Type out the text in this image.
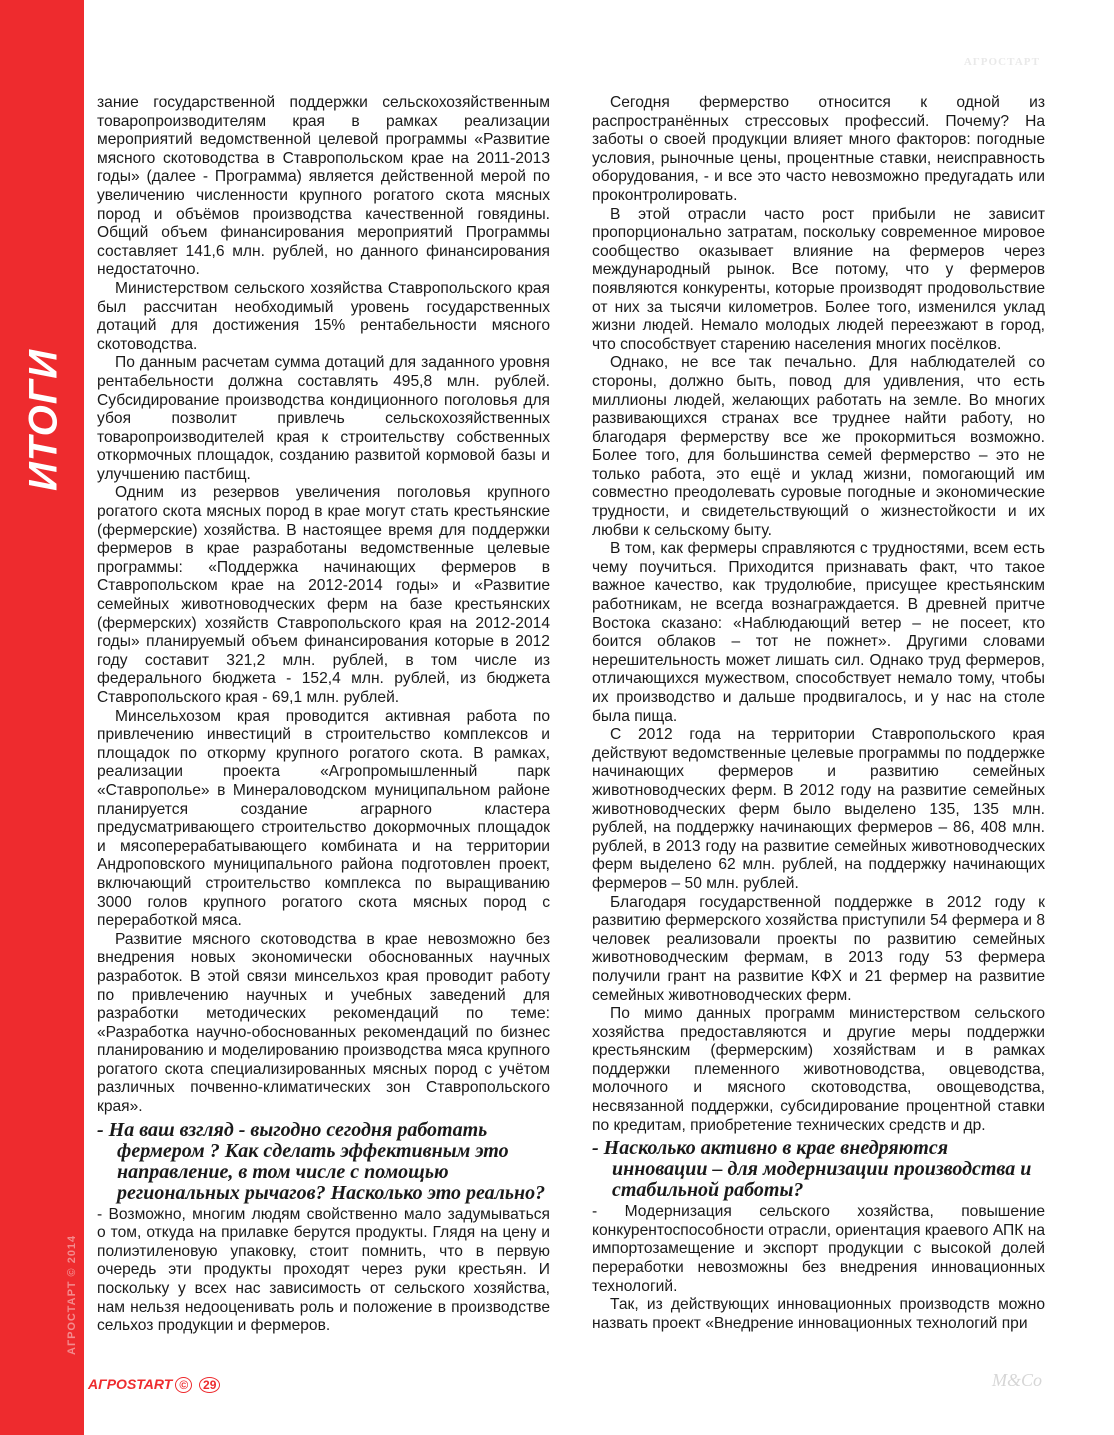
ИТОГИ
АГРОСТАРТ © 2014
АГРОСТАРТ

зание государственной поддержки сельскохозяйственным товаропроизводителям края в рамках реализации мероприятий ведомственной целевой программы «Развитие мясного скотоводства в Ставропольском крае на 2011-2013 годы» (далее - Программа) является действенной мерой по увеличению численности крупного рогатого скота мясных пород и объёмов производства качественной говядины. Общий объем финансирования мероприятий Программы составляет 141,6 млн. рублей, но данного финансирования недостаточно.

Министерством сельского хозяйства Ставропольского края был рассчитан необходимый уровень государственных дотаций для достижения 15% рентабельности мясного скотоводства.

По данным расчетам сумма дотаций для заданного уровня рентабельности должна составлять 495,8 млн. рублей. Субсидирование производства кондиционного поголовья для убоя позволит привлечь сельскохозяйственных товаропроизводителей края к строительству собственных откормочных площадок, созданию развитой кормовой базы и улучшению пастбищ.

Одним из резервов увеличения поголовья крупного рогатого скота мясных пород в крае могут стать крестьянские (фермерские) хозяйства. В настоящее время для поддержки фермеров в крае разработаны ведомственные целевые программы: «Поддержка начинающих фермеров в Ставропольском крае на 2012-2014 годы» и «Развитие семейных животноводческих ферм на базе крестьянских (фермерских) хозяйств Ставропольского края на 2012-2014 годы» планируемый объем финансирования которые в 2012 году составит 321,2 млн. рублей, в том числе из федерального бюджета - 152,4 млн. рублей, из бюджета Ставропольского края - 69,1 млн. рублей.

Минсельхозом края проводится активная работа по привлечению инвестиций в строительство комплексов и площадок по откорму крупного рогатого скота. В рамках, реализации проекта «Агропромышленный парк «Ставрополье» в Минераловодском муниципальном районе планируется создание аграрного кластера предусматривающего строительство докормочных площадок и мясоперерабатывающего комбината и на территории Андроповского муниципального района подготовлен проект, включающий строительство комплекса по выращиванию 3000 голов крупного рогатого скота мясных пород с переработкой мяса.

Развитие мясного скотоводства в крае невозможно без внедрения новых экономически обоснованных научных разработок. В этой связи минсельхоз края проводит работу по привлечению научных и учебных заведений для разработки методических рекомендаций по теме: «Разработка научно-обоснованных рекомендаций по бизнес планированию и моделированию производства мяса крупного рогатого скота специализированных мясных пород с учётом различных почвенно-климатических зон Ставропольского края».

- На ваш взгляд - выгодно сегодня работать фермером ? Как сделать эффективным это направление, в том числе с помощью региональных рычагов? Насколько это реально?

- Возможно, многим людям свойственно мало задумываться о том, откуда на прилавке берутся продукты. Глядя на цену и полиэтиленовую упаковку, стоит помнить, что в первую очередь эти продукты проходят через руки крестьян. И поскольку у всех нас зависимость от сельского хозяйства, нам нельзя недооценивать роль и положение в производстве сельхоз продукции и фермеров.

Сегодня фермерство относится к одной из распространённых стрессовых профессий. Почему? На заботы о своей продукции влияет много факторов: погодные условия, рыночные цены, процентные ставки, неисправность оборудования, - и все это часто невозможно предугадать или проконтролировать.

В этой отрасли часто рост прибыли не зависит пропорционально затратам, поскольку современное мировое сообщество оказывает влияние на фермеров через международный рынок. Все потому, что у фермеров появляются конкуренты, которые производят продовольствие от них за тысячи километров. Более того, изменился уклад жизни людей. Немало молодых людей переезжают в город, что способствует старению населения многих посёлков.

Однако, не все так печально. Для наблюдателей со стороны, должно быть, повод для удивления, что есть миллионы людей, желающих работать на земле. Во многих развивающихся странах все труднее найти работу, но благодаря фермерству все же прокормиться возможно. Более того, для большинства семей фермерство – это не только работа, это ещё и уклад жизни, помогающий им совместно преодолевать суровые погодные и экономические трудности, и свидетельствующий о жизнестойкости и их любви к сельскому быту.

В том, как фермеры справляются с трудностями, всем есть чему поучиться. Приходится признавать факт, что такое важное качество, как трудолюбие, присущее крестьянским работникам, не всегда вознаграждается. В древней притче Востока сказано: «Наблюдающий ветер – не посеет, кто боится облаков – тот не пожнет». Другими словами нерешительность может лишать сил. Однако труд фермеров, отличающихся мужеством, способствует немало тому, чтобы их производство и дальше продвигалось, и у нас на столе была пища.

С 2012 года на территории Ставропольского края действуют ведомственные целевые программы по поддержке начинающих фермеров и развитию семейных животноводческих ферм. В 2012 году на развитие семейных животноводческих ферм было выделено 135, 135 млн. рублей, на поддержку начинающих фермеров – 86, 408 млн. рублей, в 2013 году на развитие семейных животноводческих ферм выделено 62 млн. рублей, на поддержку начинающих фермеров – 50 млн. рублей.

Благодаря государственной поддержке в 2012 году к развитию фермерского хозяйства приступили 54 фермера и 8 человек реализовали проекты по развитию семейных животноводческим фермам, в 2013 году 53 фермера получили грант на развитие КФХ и 21 фермер на развитие семейных животноводческих ферм.

По мимо данных программ министерством сельского хозяйства предоставляются и другие меры поддержки крестьянским (фермерским) хозяйствам и в рамках поддержки племенного животноводства, овцеводства, молочного и мясного скотоводства, овощеводства, несвязанной поддержки, субсидирование процентной ставки по кредитам, приобретение технических средств и др.

- Насколько активно в крае внедряются инновации – для модернизации производства и стабильной работы?

- Модернизация сельского хозяйства, повышение конкурентоспособности отрасли, ориентация краевого АПК на импортозамещение и экспорт продукции с высокой долей переработки невозможны без внедрения инновационных технологий.

Так, из действующих инновационных производств можно назвать проект «Внедрение инновационных технологий при

АГРОSTART © 29	M&Co
